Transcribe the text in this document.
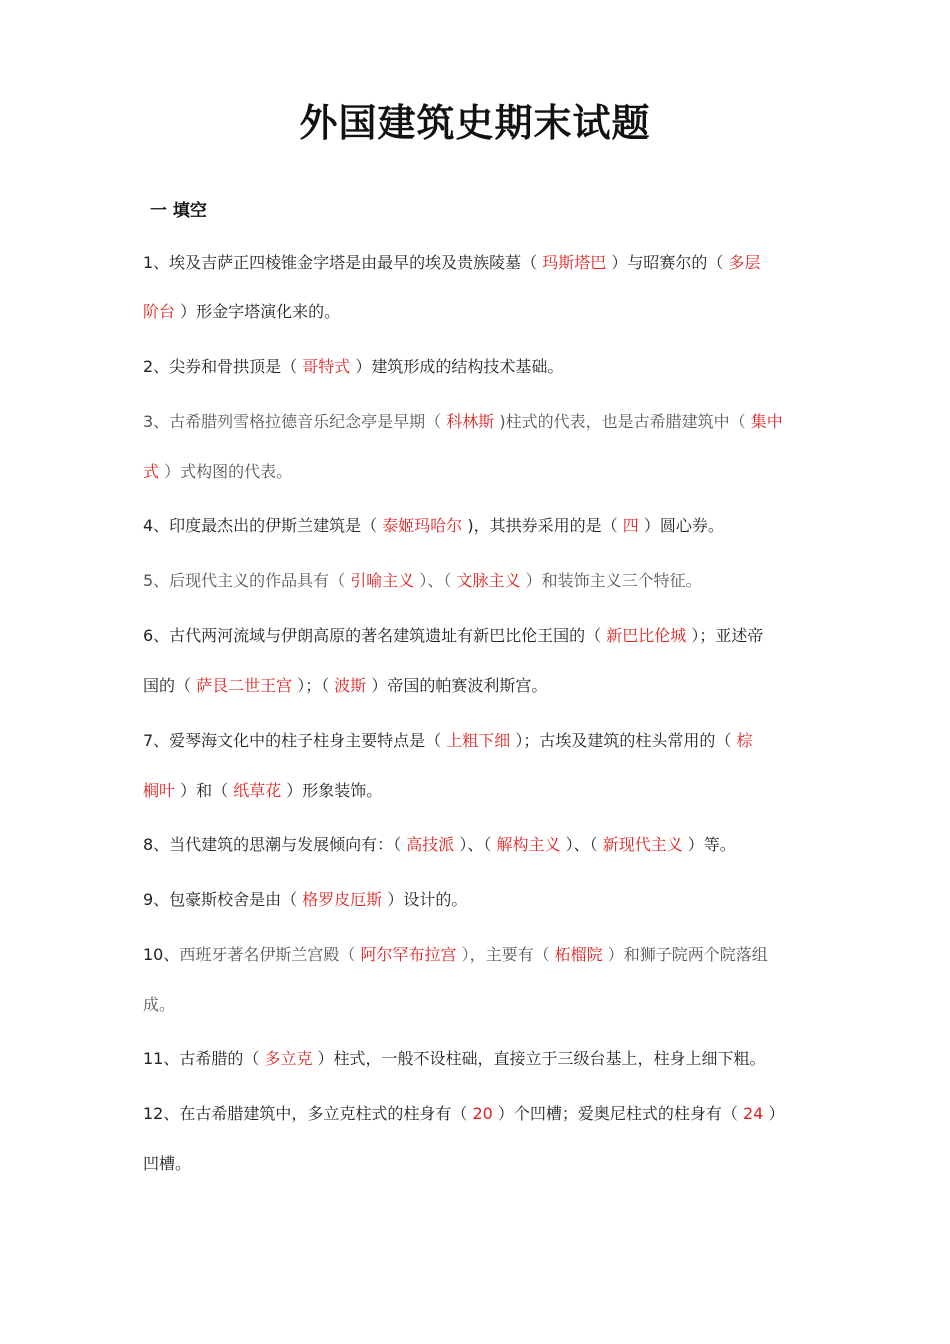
外国建筑史期末试题
一 填空
1、埃及吉萨正四棱锥金字塔是由最早的埃及贵族陵墓（ 玛斯塔巴 ）与昭赛尔的（ 多层
阶台 ）形金字塔演化来的。
2、尖券和骨拱顶是（ 哥特式 ）建筑形成的结构技术基础。
3、古希腊列雪格拉德音乐纪念亭是早期（ 科林斯 )柱式的代表，也是古希腊建筑中（ 集中
式 ）式构图的代表。
4、印度最杰出的伊斯兰建筑是（ 泰姬玛哈尔 )，其拱券采用的是（ 四 ）圆心券。
5、后现代主义的作品具有（ 引喻主义 ）、（ 文脉主义 ）和装饰主义三个特征。
6、古代两河流域与伊朗高原的著名建筑遗址有新巴比伦王国的（ 新巴比伦城 ）；亚述帝
国的（ 萨艮二世王宫 ）；（ 波斯 ）帝国的帕赛波利斯宫。
7、爱琴海文化中的柱子柱身主要特点是（ 上粗下细 ）；古埃及建筑的柱头常用的（ 棕
榈叶 ）和（ 纸草花 ）形象装饰。
8、当代建筑的思潮与发展倾向有：（ 高技派 ）、（ 解构主义 ）、（ 新现代主义 ）等。
9、包豪斯校舍是由（ 格罗皮厄斯 ）设计的。
10、西班牙著名伊斯兰宫殿（ 阿尔罕布拉宫 ），主要有（ 柘榴院 ）和狮子院两个院落组
成。
11、古希腊的（ 多立克 ）柱式，一般不设柱础，直接立于三级台基上，柱身上细下粗。
12、在古希腊建筑中，多立克柱式的柱身有（ 20 ）个凹槽；爱奥尼柱式的柱身有（ 24 ）
凹槽。
